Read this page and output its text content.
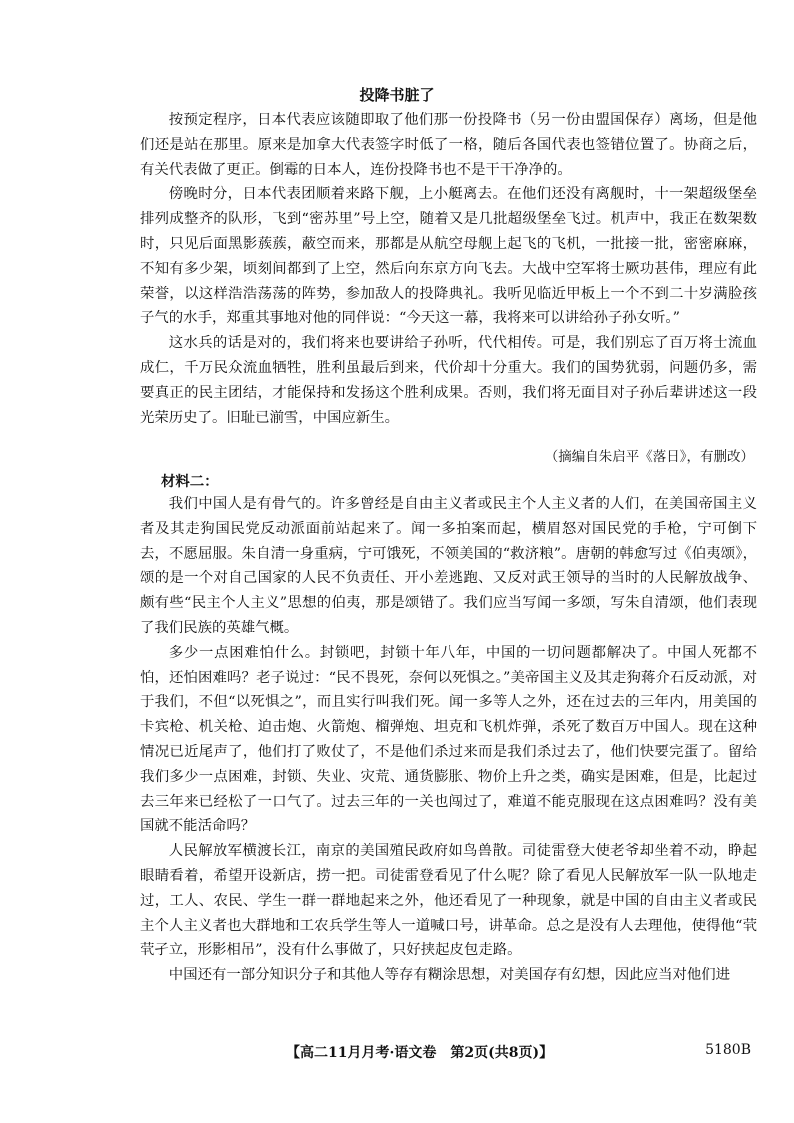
投降书脏了

按预定程序，日本代表应该随即取了他们那一份投降书（另一份由盟国保存）离场，但是他们还是站在那里。原来是加拿大代表签字时低了一格，随后各国代表也签错位置了。协商之后，有关代表做了更正。倒霉的日本人，连份投降书也不是干干净净的。

傍晚时分，日本代表团顺着来路下舰，上小艇离去。在他们还没有离舰时，十一架超级堡垒排列成整齐的队形，飞到“密苏里”号上空，随着又是几批超级堡垒飞过。机声中，我正在数架数时，只见后面黑影蔟蔟，蔽空而来，那都是从航空母舰上起飞的飞机，一批接一批，密密麻麻，不知有多少架，顷刻间都到了上空，然后向东京方向飞去。大战中空军将士厥功甚伟，理应有此荣誉，以这样浩浩荡荡的阵势，参加敌人的投降典礼。我听见临近甲板上一个不到二十岁满脸孩子气的水手，郑重其事地对他的同伴说：“今天这一幕，我将来可以讲给孙子孙女听。”

这水兵的话是对的，我们将来也要讲给子孙听，代代相传。可是，我们别忘了百万将士流血成仁，千万民众流血牺牲，胜利虽最后到来，代价却十分重大。我们的国势犹弱，问题仍多，需要真正的民主团结，才能保持和发扬这个胜利成果。否则，我们将无面目对子孙后辈讲述这一段光荣历史了。旧耻已湔雪，中国应新生。

（摘编自朱启平《落日》，有删改）
材料二：

我们中国人是有骨气的。许多曾经是自由主义者或民主个人主义者的人们，在美国帝国主义者及其走狗国民党反动派面前站起来了。闻一多拍案而起，横眉怒对国民党的手枪，宁可倒下去，不愿屈服。朱自清一身重病，宁可饿死，不领美国的“救济粮”。唐朝的韩愈写过《伯夷颂》，颂的是一个对自己国家的人民不负责任、开小差逃跑、又反对武王领导的当时的人民解放战争、颇有些“民主个人主义”思想的伯夷，那是颂错了。我们应当写闻一多颂，写朱自清颂，他们表现了我们民族的英雄气概。

多少一点困难怕什么。封锁吧，封锁十年八年，中国的一切问题都解决了。中国人死都不怕，还怕困难吗？老子说过：“民不畏死，奈何以死惧之。”美帝国主义及其走狗蒋介石反动派，对于我们，不但“以死惧之”，而且实行叫我们死。闻一多等人之外，还在过去的三年内，用美国的卡宾枪、机关枪、迫击炮、火箭炮、榴弹炮、坦克和飞机炸弹，杀死了数百万中国人。现在这种情况已近尾声了，他们打了败仗了，不是他们杀过来而是我们杀过去了，他们快要完蛋了。留给我们多少一点困难，封锁、失业、灾荒、通货膨胀、物价上升之类，确实是困难，但是，比起过去三年来已经松了一口气了。过去三年的一关也闯过了，难道不能克服现在这点困难吗？没有美国就不能活命吗？

人民解放军横渡长江，南京的美国殖民政府如鸟兽散。司徒雷登大使老爷却坐着不动，睁起眼睛看着，希望开设新店，捞一把。司徒雷登看见了什么呢？除了看见人民解放军一队一队地走过，工人、农民、学生一群一群地起来之外，他还看见了一种现象，就是中国的自由主义者或民主个人主义者也大群地和工农兵学生等人一道喊口号，讲革命。总之是没有人去理他，使得他“茕茕孑立，形影相吊”，没有什么事做了，只好挟起皮包走路。

中国还有一部分知识分子和其他人等存有糊涂思想，对美国存有幻想，因此应当对他们进

【高二11月月考·语文卷　第2页(共8页)】	5180B
